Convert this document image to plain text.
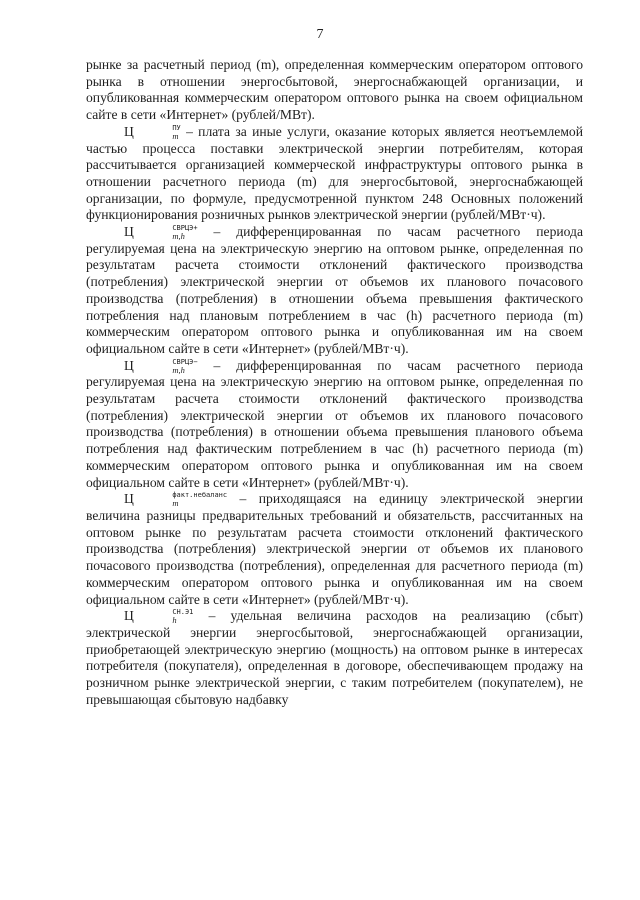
7

рынке за расчетный период (m), определенная коммерческим оператором оптового рынка в отношении энергосбытовой, энергоснабжающей организации, и опубликованная коммерческим оператором оптового рынка на своем официальном сайте в сети «Интернет» (рублей/МВт).

Ц	ПУ
m – плата за иные услуги, оказание которых является неотъемлемой частью процесса поставки электрической энергии потребителям, которая рассчитывается организацией коммерческой инфраструктуры оптового рынка в отношении расчетного периода (m) для энергосбытовой, энергоснабжающей организации, по формуле, предусмотренной пунктом 248 Основных положений функционирования розничных рынков электрической энергии (рублей/МВт·ч).

Ц	СВРЦЭ+
m,h – дифференцированная по часам расчетного периода регулируемая цена на электрическую энергию на оптовом рынке, определенная по результатам расчета стоимости отклонений фактического производства (потребления) электрической энергии от объемов их планового почасового производства (потребления) в отношении объема превышения фактического потребления над плановым потреблением в час (h) расчетного периода (m) коммерческим оператором оптового рынка и опубликованная им на своем официальном сайте в сети «Интернет» (рублей/МВт·ч).

Ц	СВРЦЭ−
m,h – дифференцированная по часам расчетного периода регулируемая цена на электрическую энергию на оптовом рынке, определенная по результатам расчета стоимости отклонений фактического производства (потребления) электрической энергии от объемов их планового почасового производства (потребления) в отношении объема превышения планового объема потребления над фактическим потреблением в час (h) расчетного периода (m) коммерческим оператором оптового рынка и опубликованная им на своем официальном сайте в сети «Интернет» (рублей/МВт·ч).

Ц	факт.небаланс
m	– приходящаяся на единицу электрической энергии величина разницы предварительных требований и обязательств, рассчитанных на оптовом рынке по результатам расчета стоимости отклонений фактического производства (потребления) электрической энергии от объемов их планового почасового производства (потребления), определенная для расчетного периода (m) коммерческим оператором оптового рынка и опубликованная им на своем официальном сайте в сети «Интернет» (рублей/МВт·ч).

Ц	СН.Э1
h	– удельная величина расходов на реализацию (сбыт) электрической энергии энергосбытовой, энергоснабжающей организации, приобретающей электрическую энергию (мощность) на оптовом рынке в интересах потребителя (покупателя), определенная в договоре, обеспечивающем продажу на розничном рынке электрической энергии, с таким потребителем (покупателем), не превышающая сбытовую надбавку
